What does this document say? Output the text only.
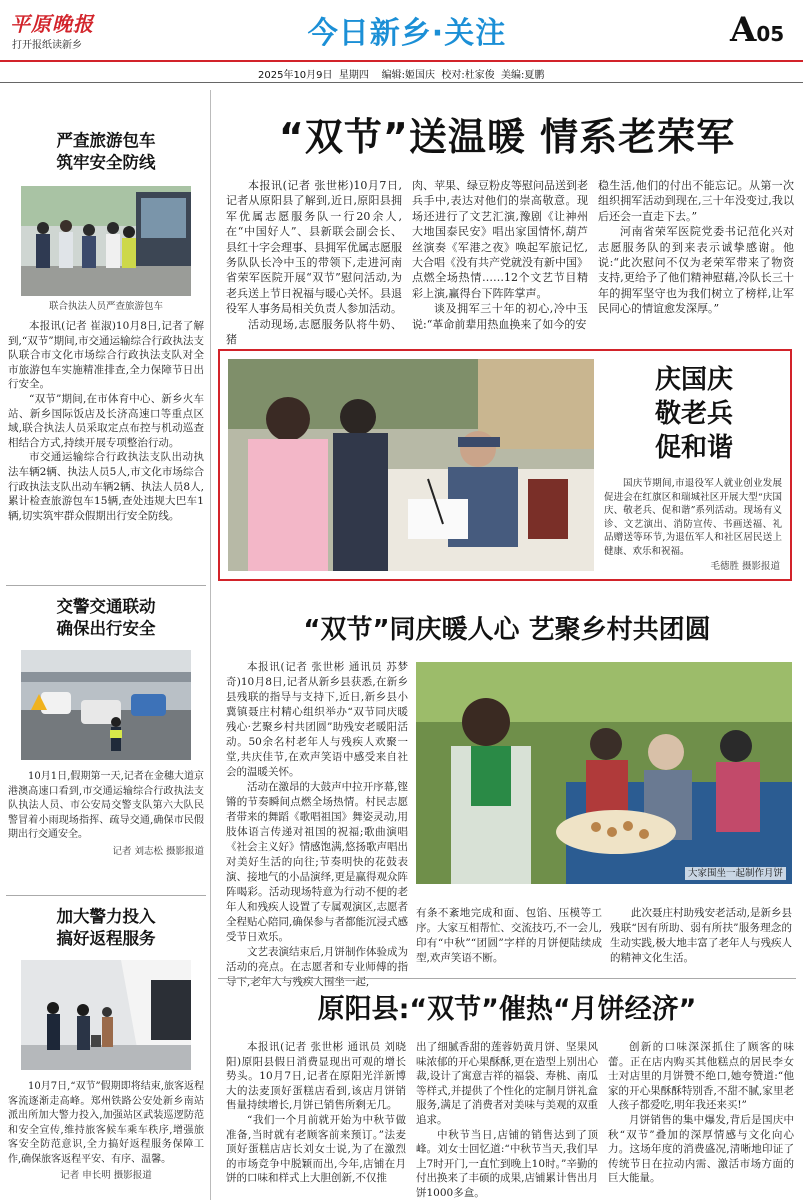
平原晚报
打开报纸读新乡	今日新乡·关注	A05
2025年10月9日  星期四    编辑:姬国庆  校对:杜家俊  美编:夏鹏
严查旅游包车
筑牢安全防线
联合执法人员严查旅游包车

本报讯(记者 崔淑)10月8日,记者了解到,“双节”期间,市交通运输综合行政执法支队联合市文化市场综合行政执法支队对全市旅游包车实施精准排查,全力保障节日出行安全。

“双节”期间,在市体育中心、新乡火车站、新乡国际饭店及长济高速口等重点区域,联合执法人员采取定点布控与机动巡查相结合方式,持续开展专项整治行动。

市交通运输综合行政执法支队出动执法车辆2辆、执法人员5人,市文化市场综合行政执法支队出动车辆2辆、执法人员8人,累计检查旅游包车15辆,查处违规大巴车1辆,切实筑牢群众假期出行安全防线。

交警交通联动
确保出行安全

10月1日,假期第一天,记者在金穗大道京港澳高速口看到,市交通运输综合行政执法支队执法人员、市公安局交警支队第六大队民警冒着小雨现场指挥、疏导交通,确保市民假期出行交通安全。

记者 刘志松 摄影报道
加大警力投入
搞好返程服务

10月7日,“双节”假期即将结束,旅客返程客流逐渐走高峰。郑州铁路公安处新乡南站派出所加大警力投入,加强站区武装巡逻防范和安全宣传,维持旅客候车乘车秩序,增强旅客安全防范意识,全力搞好返程服务保障工作,确保旅客返程平安、有序、温馨。

记者 申长明 摄影报道
“双节”送温暖 情系老荣军

本报讯(记者 张世彬)10月7日,记者从原阳县了解到,近日,原阳县拥军优属志愿服务队一行20余人,在“中国好人”、县新联会副会长、县红十字会理事、县拥军优属志愿服务队队长冷中玉的带领下,走进河南省荣军医院开展“双节”慰问活动,为老兵送上节日祝福与暖心关怀。县退役军人事务局相关负责人参加活动。

活动现场,志愿服务队将牛奶、猪

肉、苹果、绿豆粉皮等慰问品送到老兵手中,表达对他们的崇高敬意。现场还进行了文艺汇演,豫剧《让神州大地国泰民安》唱出家国情怀,葫芦丝演奏《军港之夜》唤起军旅记忆,大合唱《没有共产党就没有新中国》点燃全场热情……12个文艺节目精彩上演,赢得台下阵阵掌声。

谈及拥军三十年的初心,冷中玉说:“革命前辈用热血换来了如今的安

稳生活,他们的付出不能忘记。从第一次组织拥军活动到现在,三十年没变过,我以后还会一直走下去。”

河南省荣军医院党委书记范化兴对志愿服务队的到来表示诚挚感谢。他说:“此次慰问不仅为老荣军带来了物资支持,更给予了他们精神慰藉,冷队长三十年的拥军坚守也为我们树立了榜样,让军民同心的情谊愈发深厚。”

庆国庆
敬老兵
促和谐

国庆节期间,市退役军人就业创业发展促进会在红旗区和瑞城社区开展大型“庆国庆、敬老兵、促和谐”系列活动。现场有义诊、文艺演出、消防宣传、书画送福、礼品赠送等环节,为退伍军人和社区居民送上健康、欢乐和祝福。

毛德胜 摄影报道
“双节”同庆暖人心 艺聚乡村共团圆

本报讯(记者 张世彬 通讯员 苏梦奇)10月8日,记者从新乡县获悉,在新乡县残联的指导与支持下,近日,新乡县小冀镇聂庄村精心组织举办“双节同庆暖残心·艺聚乡村共团圆”助残安老暖阳活动。50余名村老年人与残疾人欢聚一堂,共庆佳节,在欢声笑语中感受来自社会的温暖关怀。

活动在激昂的大鼓声中拉开序幕,铿锵的节奏瞬间点燃全场热情。村民志愿者带来的舞蹈《歌唱祖国》舞姿灵动,用肢体语言传递对祖国的祝福;歌曲演唱《社会主义好》情感饱满,悠扬歌声唱出对美好生活的向往;节奏明快的花鼓表演、接地气的小品演绎,更是赢得观众阵阵喝彩。活动现场特意为行动不便的老年人和残疾人设置了专属观演区,志愿者全程贴心陪同,确保参与者都能沉浸式感受节日欢乐。

文艺表演结束后,月饼制作体验成为活动的亮点。在志愿者和专业师傅的指导下,老年人与残疾人围坐一起,

大家围坐一起制作月饼

有条不紊地完成和面、包馅、压模等工序。大家互相帮忙、交流技巧,不一会儿,印有“中秋”“团圆”字样的月饼便陆续成型,欢声笑语不断。

此次聂庄村助残安老活动,是新乡县残联“因有所助、弱有所扶”服务理念的生动实践,极大地丰富了老年人与残疾人的精神文化生活。

原阳县:“双节”催热“月饼经济”

本报讯(记者 张世彬 通讯员 刘晓阳)原阳县假日消费显现出可观的增长势头。10月7日,记者在原阳光洋新博大的法麦顶好蛋糕店看到,该店月饼销售量持续增长,月饼已销售所剩无几。

“我们一个月前就开始为中秋节做准备,当时就有老顾客前来预订。”法麦顶好蛋糕店店长刘女士说,为了在激烈的市场竞争中脱颖而出,今年,店铺在月饼的口味和样式上大胆创新,不仅推

出了细腻香甜的莲蓉奶黄月饼、坚果风味浓郁的开心果酥酥,更在造型上别出心裁,设计了寓意吉祥的福袋、寿桃、南瓜等样式,并提供了个性化的定制月饼礼盒服务,满足了消费者对美味与美观的双重追求。

中秋节当日,店铺的销售达到了顶峰。刘女士回忆道:“中秋节当天,我们早上7时开门,一直忙到晚上10时。”辛勤的付出换来了丰硕的成果,店铺累计售出月饼1000多盒。

创新的口味深深抓住了顾客的味蕾。正在店内购买其他糕点的居民李女士对店里的月饼赞不绝口,她夸赞道:“他家的开心果酥酥特别香,不甜不腻,家里老人孩子都爱吃,明年我还来买!”

月饼销售的集中爆发,背后是国庆中秋“双节”叠加的深厚情感与文化向心力。这场年度的消费盛况,清晰地印证了传统节日在拉动内需、激活市场方面的巨大能量。
